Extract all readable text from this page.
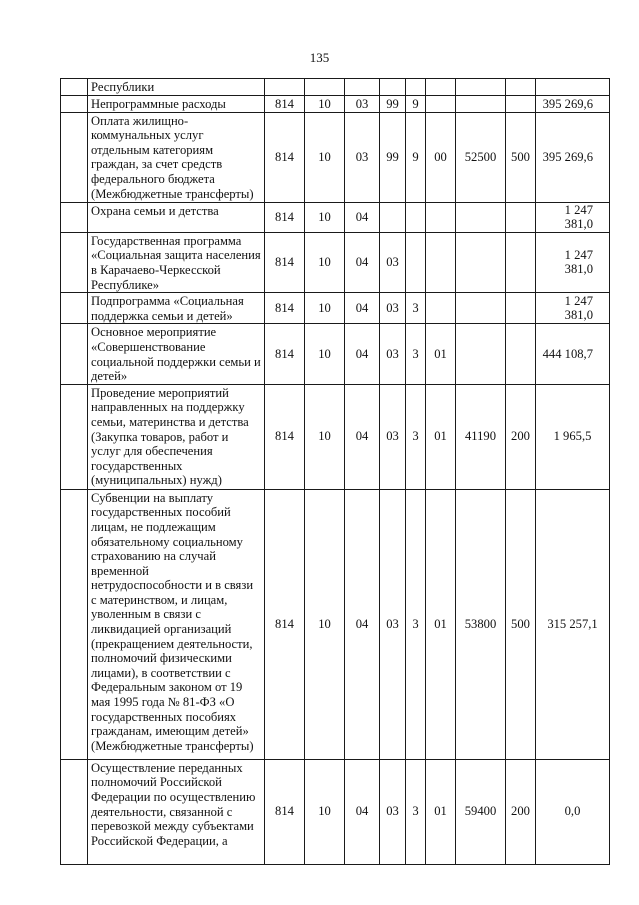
135
	Республики									
	Непрограммные расходы	814	10	03	99	9				395 269,6
	Оплата жилищно-коммунальных услуг отдельным категориям граждан, за счет средств федерального бюджета (Межбюджетные трансферты)	814	10	03	99	9	00	52500	500	395 269,6
	Охрана семьи и детства	814	10	04						1 247 381,0
	Государственная программа «Социальная защита населения в Карачаево-Черкесской Республике»	814	10	04	03					1 247 381,0
	Подпрограмма «Социальная поддержка семьи и детей»	814	10	04	03	3				1 247 381,0
	Основное мероприятие «Совершенствование социальной поддержки семьи и детей»	814	10	04	03	3	01			444 108,7
	Проведение мероприятий направленных на поддержку семьи, материнства и детства (Закупка товаров, работ и услуг для обеспечения государственных (муниципальных) нужд)	814	10	04	03	3	01	41190	200	1 965,5
	Субвенции на выплату государственных пособий лицам, не подлежащим обязательному социальному страхованию на случай временной нетрудоспособности и в связи с материнством, и лицам, уволенным в связи с ликвидацией организаций (прекращением деятельности, полномочий физическими лицами), в соответствии с Федеральным законом от 19 мая 1995 года № 81-ФЗ «О государственных пособиях гражданам, имеющим детей» (Межбюджетные трансферты)	814	10	04	03	3	01	53800	500	315 257,1
	Осуществление переданных полномочий Российской Федерации по осуществлению деятельности, связанной с перевозкой между субъектами Российской Федерации, а	814	10	04	03	3	01	59400	200	0,0
